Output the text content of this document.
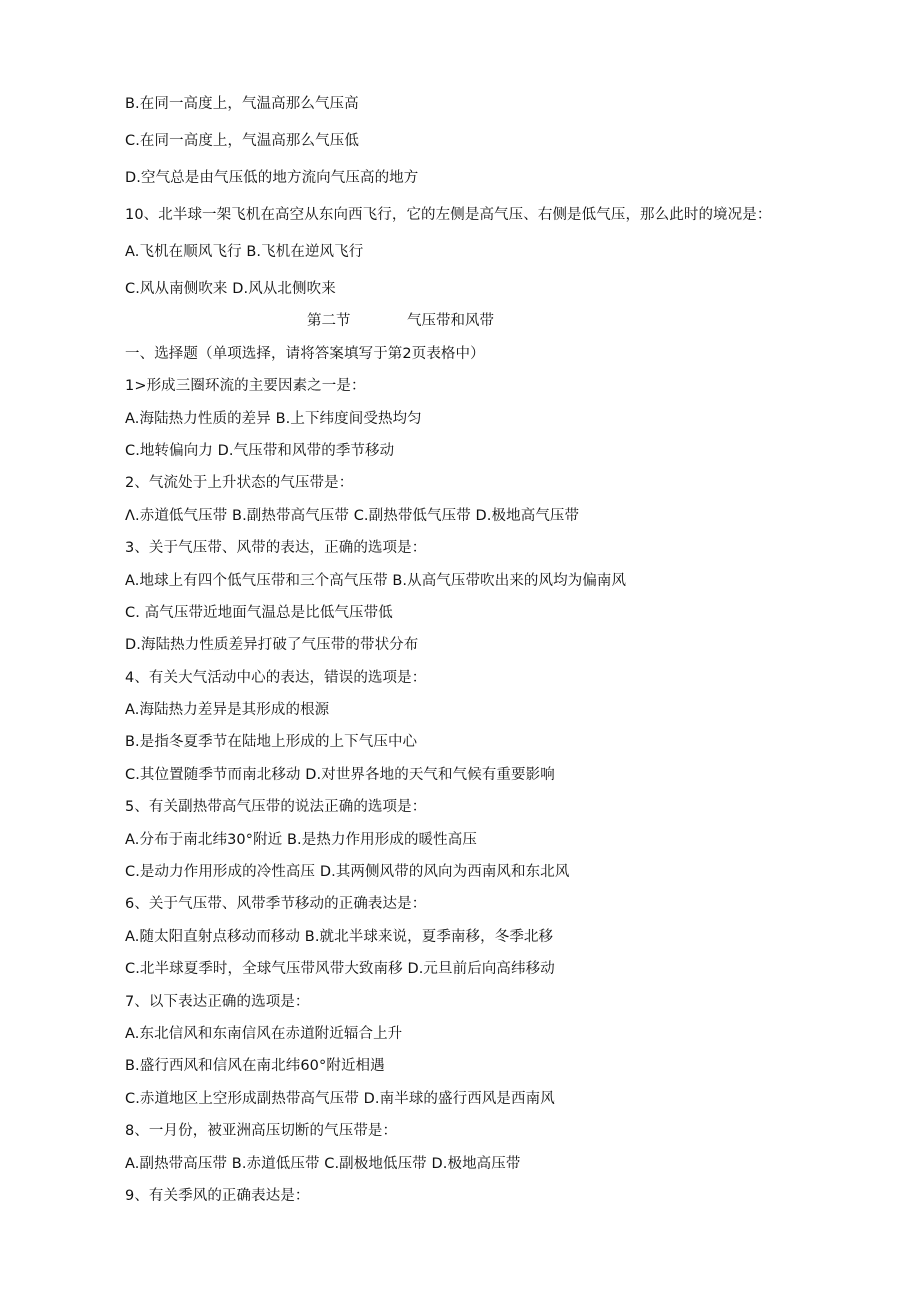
B.在同一高度上，气温高那么气压高

C.在同一高度上，气温高那么气压低

D.空气总是由气压低的地方流向气压高的地方

10、北半球一架飞机在高空从东向西飞行，它的左侧是高气压、右侧是低气压，那么此时的境况是：

A.飞机在顺风飞行 B.飞机在逆风飞行

C.风从南侧吹来 D.风从北侧吹来

第二节	气压带和风带

一、选择题（单项选择，请将答案填写于第2页表格中）

1>形成三圈环流的主要因素之一是：

A.海陆热力性质的差异 B.上下纬度间受热均匀

C.地转偏向力 D.气压带和风带的季节移动

2、气流处于上升状态的气压带是：

Λ.赤道低气压带 B.副热带高气压带 C.副热带低气压带 D.极地高气压带

3、关于气压带、风带的表达，正确的选项是：

A.地球上有四个低气压带和三个高气压带 B.从高气压带吹出来的风均为偏南风

C. 高气压带近地面气温总是比低气压带低

D.海陆热力性质差异打破了气压带的带状分布

4、有关大气活动中心的表达，错误的选项是：

A.海陆热力差异是其形成的根源

B.是指冬夏季节在陆地上形成的上下气压中心

C.其位置随季节而南北移动 D.对世界各地的天气和气候有重要影响

5、有关副热带高气压带的说法正确的选项是：

A.分布于南北纬30°附近 B.是热力作用形成的暖性高压

C.是动力作用形成的冷性高压 D.其两侧风带的风向为西南风和东北风

6、关于气压带、风带季节移动的正确表达是：

A.随太阳直射点移动而移动 B.就北半球来说，夏季南移，冬季北移

C.北半球夏季时，全球气压带风带大致南移 D.元旦前后向高纬移动

7、以下表达正确的选项是：

A.东北信风和东南信风在赤道附近辐合上升

B.盛行西风和信风在南北纬60°附近相遇

C.赤道地区上空形成副热带高气压带 D.南半球的盛行西风是西南风

8、一月份，被亚洲高压切断的气压带是：

A.副热带高压带 B.赤道低压带 C.副极地低压带 D.极地高压带

9、有关季风的正确表达是：
